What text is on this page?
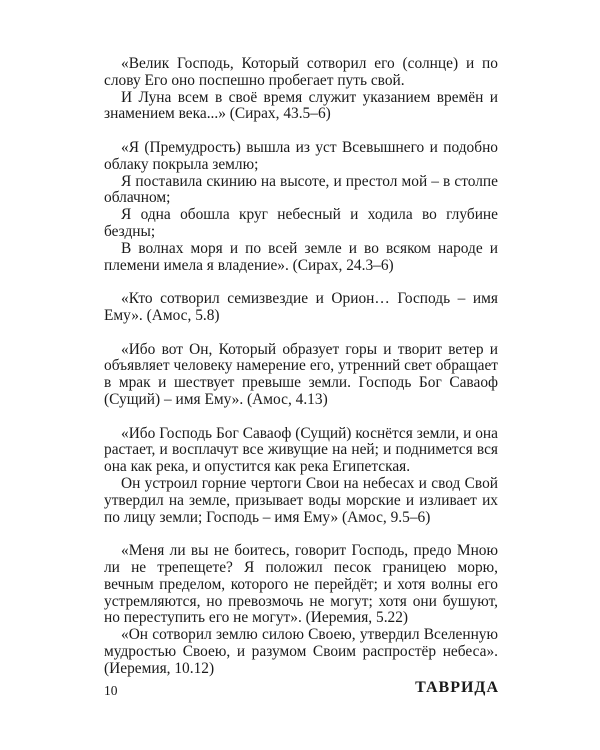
«Велик Господь, Который сотворил его (солнце) и по слову Его оно поспешно пробегает путь свой.

И Луна всем в своё время служит указанием времён и знамением века...» (Сирах, 43.5–6)

«Я (Премудрость) вышла из уст Всевышнего и подобно облаку покрыла землю;

Я поставила скинию на высоте, и престол мой – в столпе облачном;

Я одна обошла круг небесный и ходила во глубине бездны;

В волнах моря и по всей земле и во всяком народе и племени имела я владение». (Сирах, 24.3–6)

«Кто сотворил семизвездие и Орион… Господь – имя Ему». (Амос, 5.8)

«Ибо вот Он, Который образует горы и творит ветер и объявляет человеку намерение его, утренний свет обращает в мрак и шествует превыше земли. Господь Бог Саваоф (Сущий) – имя Ему». (Амос, 4.13)

«Ибо Господь Бог Саваоф (Сущий) коснётся земли, и она растает, и восплачут все живущие на ней; и поднимется вся она как река, и опустится как река Египетская.

Он устроил горние чертоги Свои на небесах и свод Свой утвердил на земле, призывает воды морские и изливает их по лицу земли; Господь – имя Ему» (Амос, 9.5–6)

«Меня ли вы не боитесь, говорит Господь, предо Мною ли не трепещете? Я положил песок границею морю, вечным пределом, которого не перейдёт; и хотя волны его устремляются, но превозмочь не могут; хотя они бушуют, но переступить его не могут». (Иеремия, 5.22)

«Он сотворил землю силою Своею, утвердил Вселенную мудростью Своею, и разумом Своим распростёр небеса». (Иеремия, 10.12)

10	ТАВРИДА
